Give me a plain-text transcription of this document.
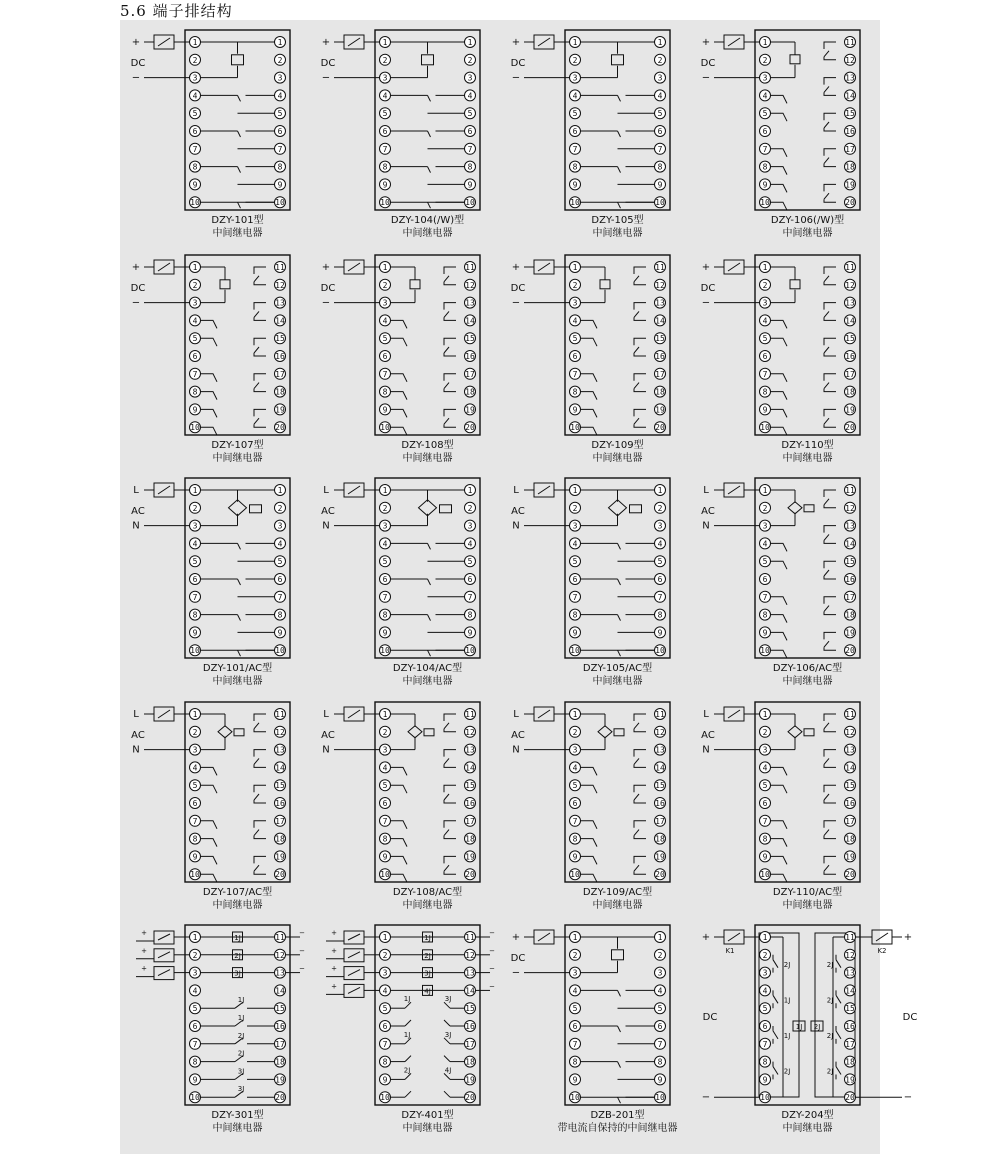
5.6 端子排结构
1	1
2	2
3	3
4	4
5	5
6	6
7	7
8	8
9	9
10	10
+
DC
−
DZY-101型
中间继电器
1	1
2	2
3	3
4	4
5	5
6	6
7	7
8	8
9	9
10	10
+
DC
−
DZY-104(/W)型
中间继电器
1	1
2	2
3	3
4	4
5	5
6	6
7	7
8	8
9	9
10	10
+
DC
−
DZY-105型
中间继电器
1	11
2	12
3	13
4	14
5	15
6	16
7	17
8	18
9	19
10	20
+
DC
−
DZY-106(/W)型
中间继电器
1	11
2	12
3	13
4	14
5	15
6	16
7	17
8	18
9	19
10	20
+
DC
−
DZY-107型
中间继电器
1	11
2	12
3	13
4	14
5	15
6	16
7	17
8	18
9	19
10	20
+
DC
−
DZY-108型
中间继电器
1	11
2	12
3	13
4	14
5	15
6	16
7	17
8	18
9	19
10	20
+
DC
−
DZY-109型
中间继电器
1	11
2	12
3	13
4	14
5	15
6	16
7	17
8	18
9	19
10	20
+
DC
−
DZY-110型
中间继电器
1	1
2	2
3	3
4	4
5	5
6	6
7	7
8	8
9	9
10	10
L
AC
N
DZY-101/AC型
中间继电器
1	1
2	2
3	3
4	4
5	5
6	6
7	7
8	8
9	9
10	10
L
AC
N
DZY-104/AC型
中间继电器
1	1
2	2
3	3
4	4
5	5
6	6
7	7
8	8
9	9
10	10
L
AC
N
DZY-105/AC型
中间继电器
1	11
2	12
3	13
4	14
5	15
6	16
7	17
8	18
9	19
10	20
L
AC
N
DZY-106/AC型
中间继电器
1	11
2	12
3	13
4	14
5	15
6	16
7	17
8	18
9	19
10	20
L
AC
N
DZY-107/AC型
中间继电器
1	11
2	12
3	13
4	14
5	15
6	16
7	17
8	18
9	19
10	20
L
AC
N
DZY-108/AC型
中间继电器
1	11
2	12
3	13
4	14
5	15
6	16
7	17
8	18
9	19
10	20
L
AC
N
DZY-109/AC型
中间继电器
1	11
2	12
3	13
4	14
5	15
6	16
7	17
8	18
9	19
10	20
L
AC
N
DZY-110/AC型
中间继电器
1	11
2	12
3	13
4	14
5	15
6	16
7	17
8	18
9	19
10	20
+
1J
−
+
2J
−
+
3J
−
1J
1J
2J
2J
3J
3J
DZY-301型
中间继电器
1	11
2	12
3	13
4	14
5	15
6	16
7	17
8	18
9	19
10	20
+
1J
−
+
2J
−
+
3J
−
+
4J
−
1J	3J
1J	3J
2J	4J
DZY-401型
中间继电器
1	1
2	2
3	3
4	4
5	5
6	6
7	7
8	8
9	9
10	10
+
DC
−
DZB-201型
带电流自保持的中间继电器
1	11
2	12
3	13
4	14
5	15
6	16
7	17
8	18
9	19
10	20
+
K1
DC
−
+
K2
DC
−
1J 2J
2J	2J
1J	2J
1J	2J
2J	2J
DZY-204型
中间继电器
